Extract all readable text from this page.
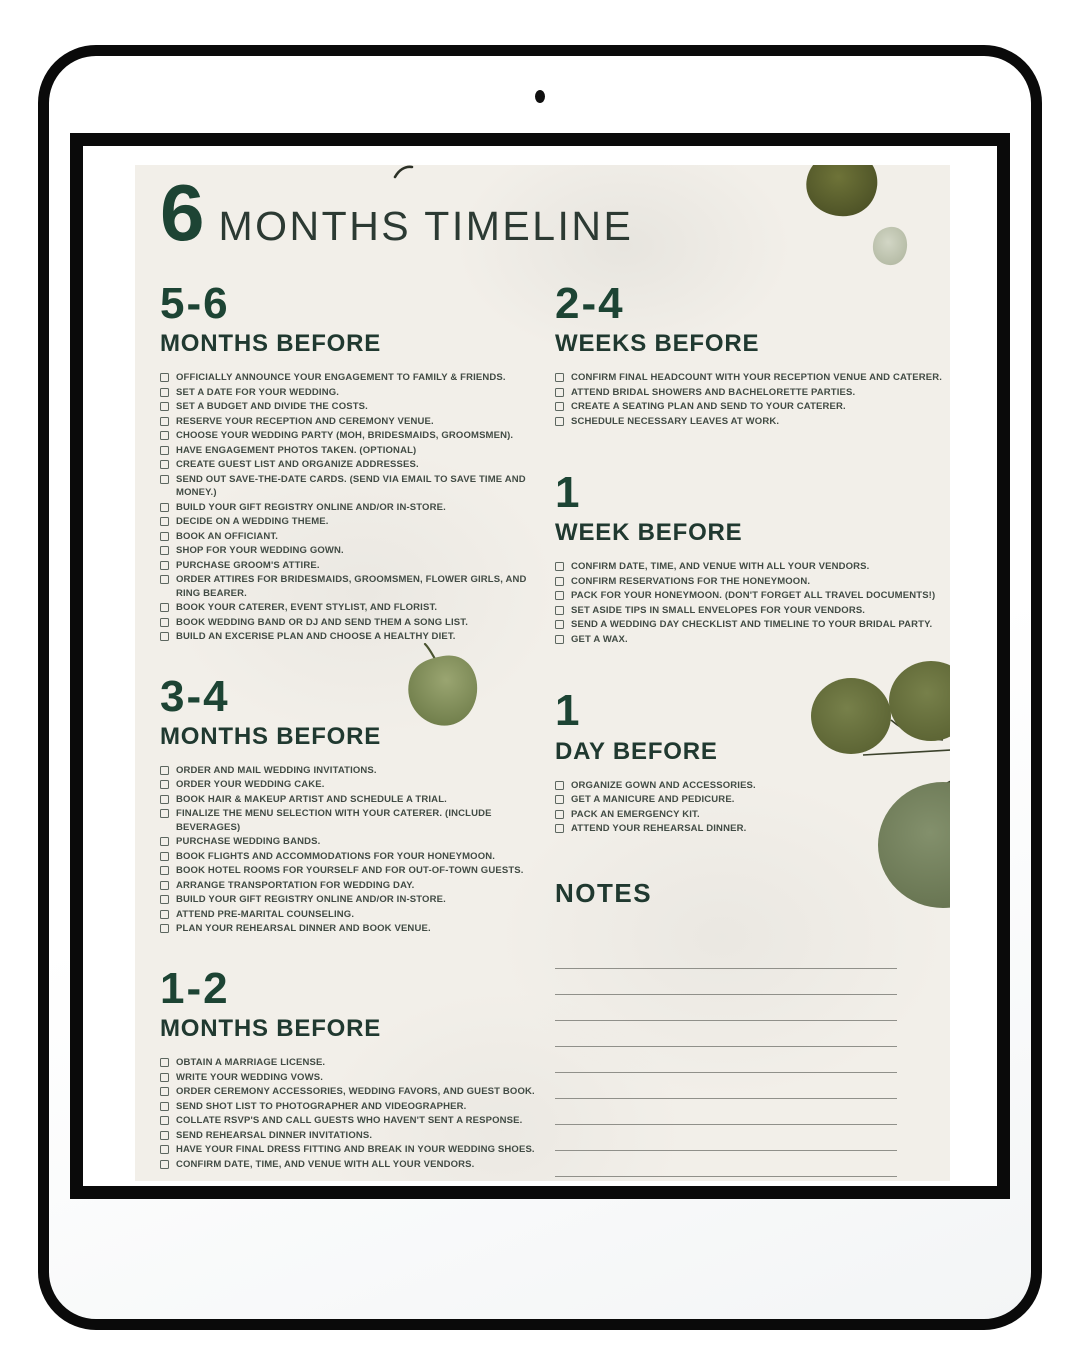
6 MONTHS TIMELINE
5-6
MONTHS BEFORE
OFFICIALLY ANNOUNCE YOUR ENGAGEMENT TO FAMILY & FRIENDS.
SET A DATE FOR YOUR WEDDING.
SET A BUDGET AND DIVIDE THE COSTS.
RESERVE YOUR RECEPTION AND CEREMONY VENUE.
CHOOSE YOUR WEDDING PARTY (MOH, BRIDESMAIDS, GROOMSMEN).
HAVE ENGAGEMENT PHOTOS TAKEN. (OPTIONAL)
CREATE GUEST LIST AND ORGANIZE ADDRESSES.
SEND OUT SAVE-THE-DATE CARDS. (SEND VIA EMAIL TO SAVE TIME AND MONEY.)
BUILD YOUR GIFT REGISTRY ONLINE AND/OR IN-STORE.
DECIDE ON A WEDDING THEME.
BOOK AN OFFICIANT.
SHOP FOR YOUR WEDDING GOWN.
PURCHASE GROOM'S ATTIRE.
ORDER ATTIRES FOR BRIDESMAIDS, GROOMSMEN, FLOWER GIRLS, AND RING BEARER.
BOOK YOUR CATERER, EVENT STYLIST, AND FLORIST.
BOOK WEDDING BAND OR DJ AND SEND THEM A SONG LIST.
BUILD AN EXCERISE PLAN AND CHOOSE A HEALTHY DIET.
3-4
MONTHS BEFORE
ORDER AND MAIL WEDDING INVITATIONS.
ORDER YOUR WEDDING CAKE.
BOOK HAIR & MAKEUP ARTIST AND SCHEDULE A TRIAL.
FINALIZE THE MENU SELECTION WITH YOUR CATERER. (INCLUDE BEVERAGES)
PURCHASE WEDDING BANDS.
BOOK FLIGHTS AND ACCOMMODATIONS FOR YOUR HONEYMOON.
BOOK HOTEL ROOMS FOR YOURSELF AND FOR OUT-OF-TOWN GUESTS.
ARRANGE TRANSPORTATION FOR WEDDING DAY.
BUILD YOUR GIFT REGISTRY ONLINE AND/OR IN-STORE.
ATTEND PRE-MARITAL COUNSELING.
PLAN YOUR REHEARSAL DINNER AND BOOK VENUE.
1-2
MONTHS BEFORE
OBTAIN A MARRIAGE LICENSE.
WRITE YOUR WEDDING VOWS.
ORDER CEREMONY ACCESSORIES, WEDDING FAVORS, AND GUEST BOOK.
SEND SHOT LIST TO PHOTOGRAPHER AND VIDEOGRAPHER.
COLLATE RSVP'S AND CALL GUESTS WHO HAVEN'T SENT A RESPONSE.
SEND REHEARSAL DINNER INVITATIONS.
HAVE YOUR FINAL DRESS FITTING AND BREAK IN YOUR WEDDING SHOES.
CONFIRM DATE, TIME, AND VENUE WITH ALL YOUR VENDORS.
2-4
WEEKS BEFORE
CONFIRM FINAL HEADCOUNT WITH YOUR RECEPTION VENUE AND CATERER.
ATTEND BRIDAL SHOWERS AND BACHELORETTE PARTIES.
CREATE A SEATING PLAN AND SEND TO YOUR CATERER.
SCHEDULE NECESSARY LEAVES AT WORK.
1
WEEK BEFORE
CONFIRM DATE, TIME, AND VENUE WITH ALL YOUR VENDORS.
CONFIRM RESERVATIONS FOR THE HONEYMOON.
PACK FOR YOUR HONEYMOON. (DON'T FORGET ALL TRAVEL DOCUMENTS!)
SET ASIDE TIPS IN SMALL ENVELOPES FOR YOUR VENDORS.
SEND A WEDDING DAY CHECKLIST AND TIMELINE TO YOUR BRIDAL PARTY.
GET A WAX.
1
DAY BEFORE
ORGANIZE GOWN AND ACCESSORIES.
GET A MANICURE AND PEDICURE.
PACK AN EMERGENCY KIT.
ATTEND YOUR REHEARSAL DINNER.
NOTES
